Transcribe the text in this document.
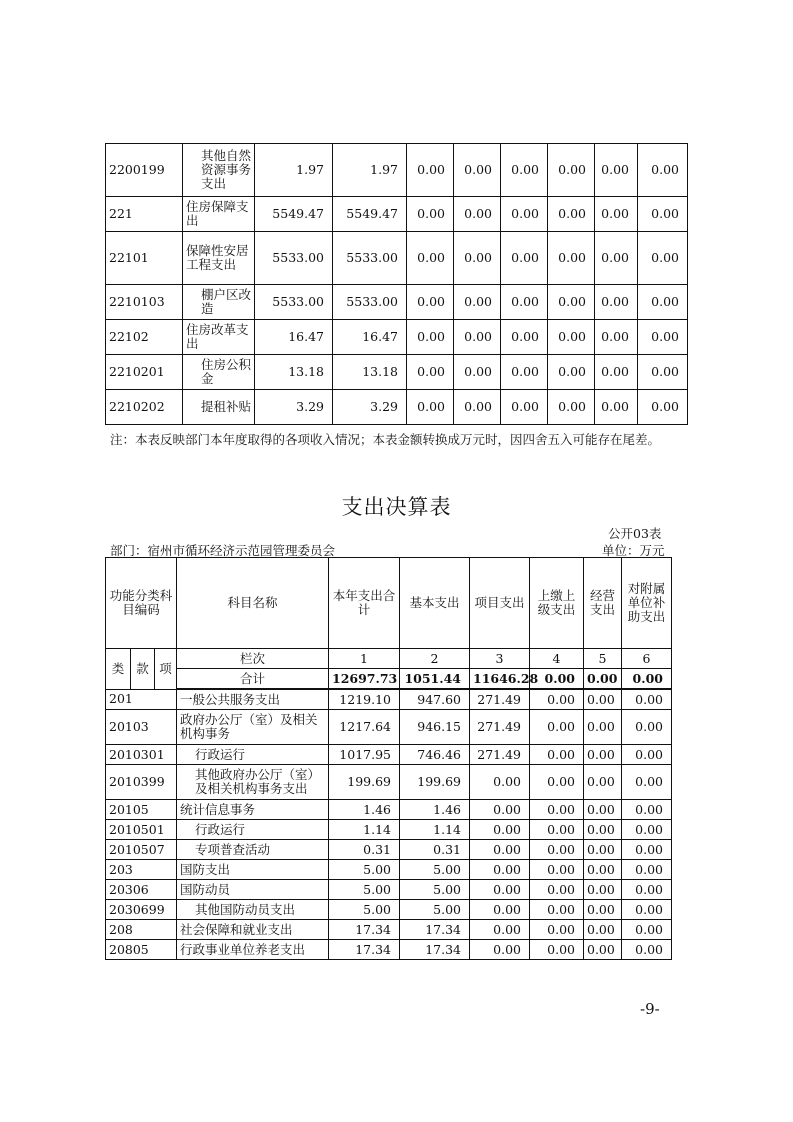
2200199	其他自然资源事务支出	1.97	1.97	0.00	0.00	0.00	0.00	0.00	0.00
221	住房保障支出	5549.47	5549.47	0.00	0.00	0.00	0.00	0.00	0.00
22101	保障性安居工程支出	5533.00	5533.00	0.00	0.00	0.00	0.00	0.00	0.00
2210103	棚户区改造	5533.00	5533.00	0.00	0.00	0.00	0.00	0.00	0.00
22102	住房改革支出	16.47	16.47	0.00	0.00	0.00	0.00	0.00	0.00
2210201	住房公积金	13.18	13.18	0.00	0.00	0.00	0.00	0.00	0.00
2210202	提租补贴	3.29	3.29	0.00	0.00	0.00	0.00	0.00	0.00
注：本表反映部门本年度取得的各项收入情况；本表金额转换成万元时，因四舍五入可能存在尾差。
支出决算表
公开03表
部门：宿州市循环经济示范园管理委员会	单位：万元
功能分类科目编码			科目名称	本年支出合计	基本支出	项目支出	上缴上级支出	经营支出	对附属单位补助支出
类	款	项	栏次	1	2	3	4	5	6
			合计	12697.73	1051.44	11646.28	0.00	0.00	0.00
201			一般公共服务支出	1219.10	947.60	271.49	0.00	0.00	0.00
20103			政府办公厅（室）及相关机构事务	1217.64	946.15	271.49	0.00	0.00	0.00
2010301			行政运行	1017.95	746.46	271.49	0.00	0.00	0.00
2010399			其他政府办公厅（室）及相关机构事务支出	199.69	199.69	0.00	0.00	0.00	0.00
20105			统计信息事务	1.46	1.46	0.00	0.00	0.00	0.00
2010501			行政运行	1.14	1.14	0.00	0.00	0.00	0.00
2010507			专项普查活动	0.31	0.31	0.00	0.00	0.00	0.00
203			国防支出	5.00	5.00	0.00	0.00	0.00	0.00
20306			国防动员	5.00	5.00	0.00	0.00	0.00	0.00
2030699			其他国防动员支出	5.00	5.00	0.00	0.00	0.00	0.00
208			社会保障和就业支出	17.34	17.34	0.00	0.00	0.00	0.00
20805			行政事业单位养老支出	17.34	17.34	0.00	0.00	0.00	0.00
-9-
